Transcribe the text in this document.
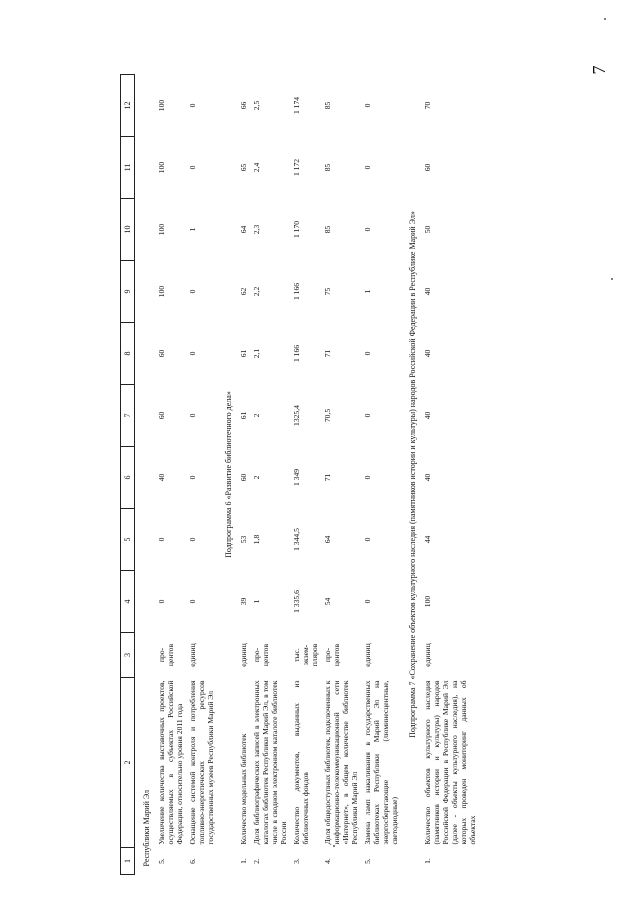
7
1	2	3	4	5	6	7	8	9	10	11	12
Республики Марий Эл											
5.	Увеличение количества выставочных проектов, осуществляемых в субъектах Российской Федерации, относительно уровня 2011 года	про-
центов	0	0	40	60	60	100	100	100	100
6.	Оснащение системой контроля и потребления топливно-энергетических ресурсов государственных музеев Республики Марий Эл	единиц	0	0	0	0	0	0	1	0	0
Подпрограмма 6 «Развитие библиотечного дела»											
1.	Количество модельных библиотек	единиц	39	53	60	61	61	62	64	65	66
2.	Доля библиографических записей в электронных каталогах библиотек Республики Марий Эл, в том числе в сводном электронном каталоге библиотек России	про-
центов	1	1,8	2	2	2,1	2,2	2,3	2,4	2,5
3.	Количество документов, выданных из библиотечных фондов	тыс.
экзем-
пляров	1 335,6	1 344,5	1 349	1325,4	1 166	1 166	1 170	1 172	1 174
4.	Доля общедоступных библиотек, подключенных к информационно-телекоммуникационной сети «Интернет», в общем количестве библиотек Республики Марий Эл	про-
центов	54	64	71	70,5	71	75	85	85	85
5.	Замена ламп накаливания в государственных библиотеках Республики Марий Эл на энергосберегающие (люминесцентные, светодиодные)	единиц	0	0	0	0	0	1	0	0	0
Подпрограмма 7 «Сохранение объектов культурного наследия (памятников истории и культуры) народов Российской Федерации в Республике Марий Эл»											
1.	Количество объектов культурного наследия (памятников истории и культуры) народов Российской Федерации в Республике Марий Эл (далее - объекты культурного наследия), на которых проведен мониторинг данных об объектах	единиц	100	44	40	40	40	40	50	60	70
